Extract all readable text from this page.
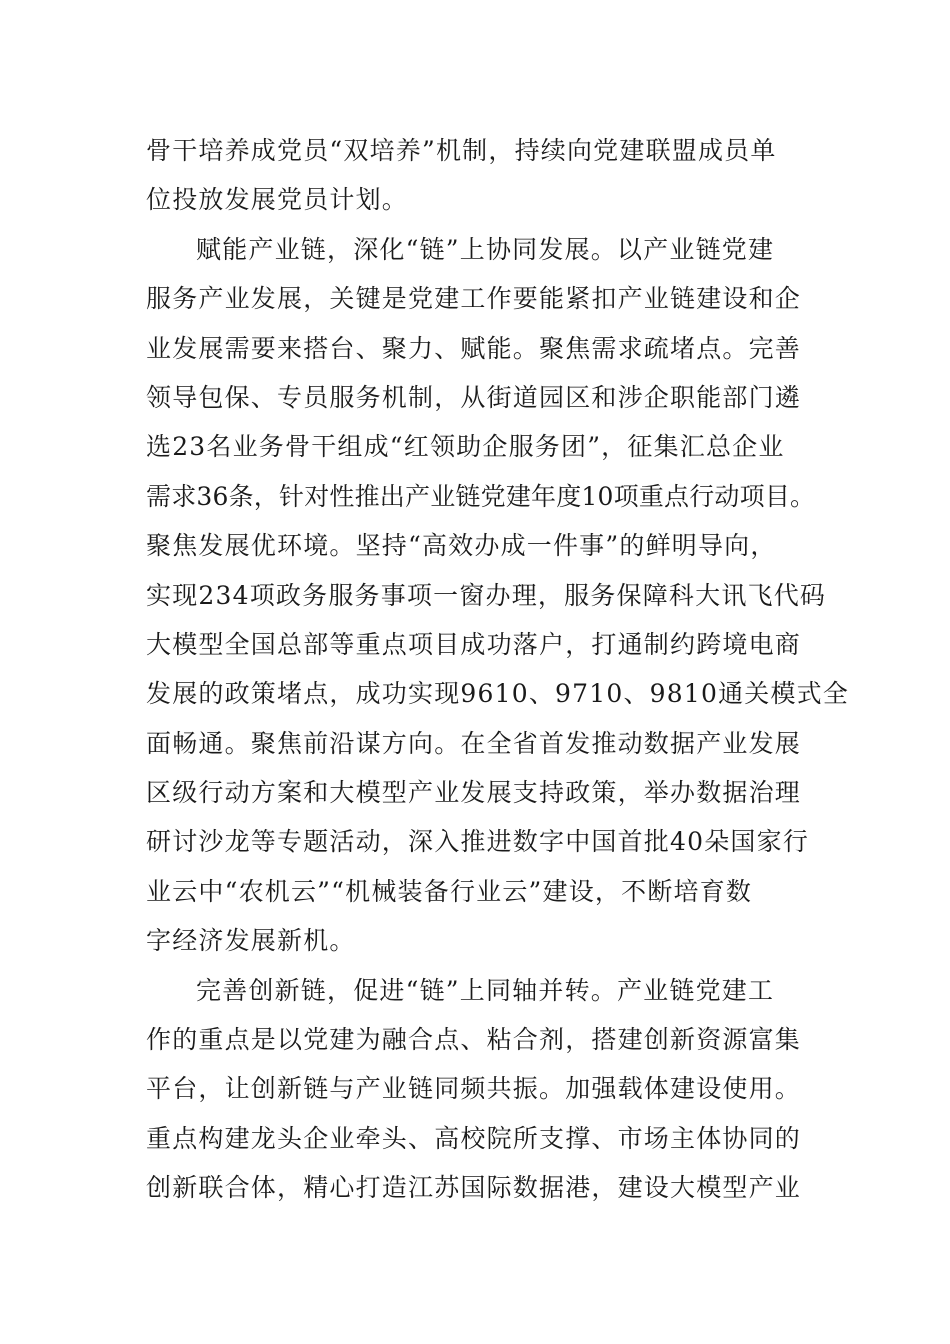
骨干培养成党员“双培养”机制，持续向党建联盟成员单
位投放发展党员计划。
赋能产业链，深化“链”上协同发展。以产业链党建
服务产业发展，关键是党建工作要能紧扣产业链建设和企
业发展需要来搭台、聚力、赋能。聚焦需求疏堵点。完善
领导包保、专员服务机制，从街道园区和涉企职能部门遴
选23名业务骨干组成“红领助企服务团”，征集汇总企业
需求36条，针对性推出产业链党建年度10项重点行动项目。
聚焦发展优环境。坚持“高效办成一件事”的鲜明导向，
实现234项政务服务事项一窗办理，服务保障科大讯飞代码
大模型全国总部等重点项目成功落户，打通制约跨境电商
发展的政策堵点，成功实现9610、9710、9810通关模式全
面畅通。聚焦前沿谋方向。在全省首发推动数据产业发展
区级行动方案和大模型产业发展支持政策，举办数据治理
研讨沙龙等专题活动，深入推进数字中国首批40朵国家行
业云中“农机云”“机械装备行业云”建设，不断培育数
字经济发展新机。
完善创新链，促进“链”上同轴并转。产业链党建工
作的重点是以党建为融合点、粘合剂，搭建创新资源富集
平台，让创新链与产业链同频共振。加强载体建设使用。
重点构建龙头企业牵头、高校院所支撑、市场主体协同的
创新联合体，精心打造江苏国际数据港，建设大模型产业
